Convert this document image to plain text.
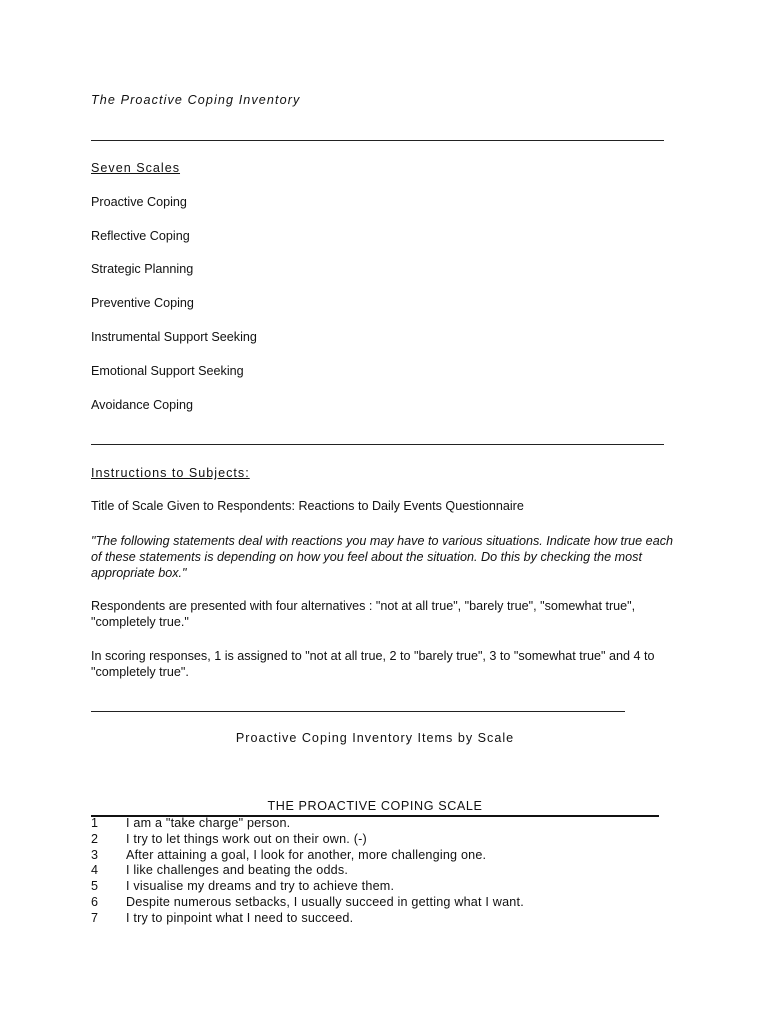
The Proactive Coping Inventory
Seven Scales
Proactive Coping
Reflective Coping
Strategic Planning
Preventive Coping
Instrumental Support Seeking
Emotional Support Seeking
Avoidance Coping
Instructions to Subjects:
Title of Scale Given to Respondents: Reactions to Daily Events Questionnaire
"The following statements deal with reactions you may have to various situations. Indicate how true each of these statements is depending on how you feel about the situation. Do this by checking the most appropriate box."
Respondents are presented with four alternatives : "not at all true", "barely true", "somewhat true", "completely true."
In scoring responses, 1 is assigned to "not at all true, 2 to "barely true", 3 to "somewhat true" and 4 to "completely true".
Proactive Coping Inventory Items by Scale
THE PROACTIVE COPING SCALE
1	I am a "take charge" person.
2	I try to let things work out on their own. (-)
3	After attaining a goal, I look for another, more challenging one.
4	I like challenges and beating the odds.
5	I visualise my dreams and try to achieve them.
6	Despite numerous setbacks, I usually succeed in getting what I want.
7	I try to pinpoint what I need to succeed.
